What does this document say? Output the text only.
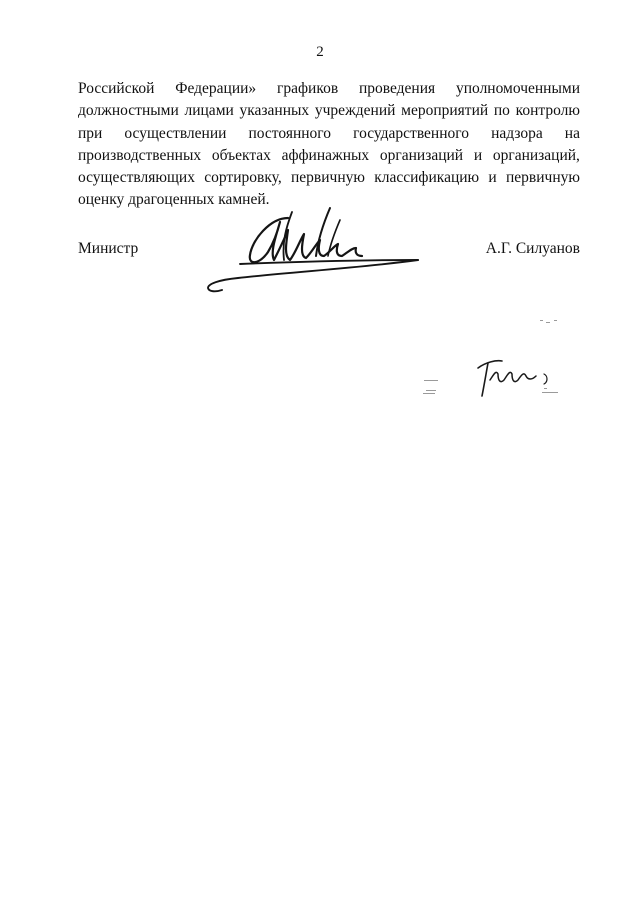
2
Российской Федерации» графиков проведения уполномоченными
должностными лицами указанных учреждений мероприятий по контролю
при осуществлении постоянного государственного надзора на
производственных объектах аффинажных организаций и организаций,
осуществляющих сортировку, первичную классификацию и первичную
оценку драгоценных камней.
Министр	А.Г. Силуанов
